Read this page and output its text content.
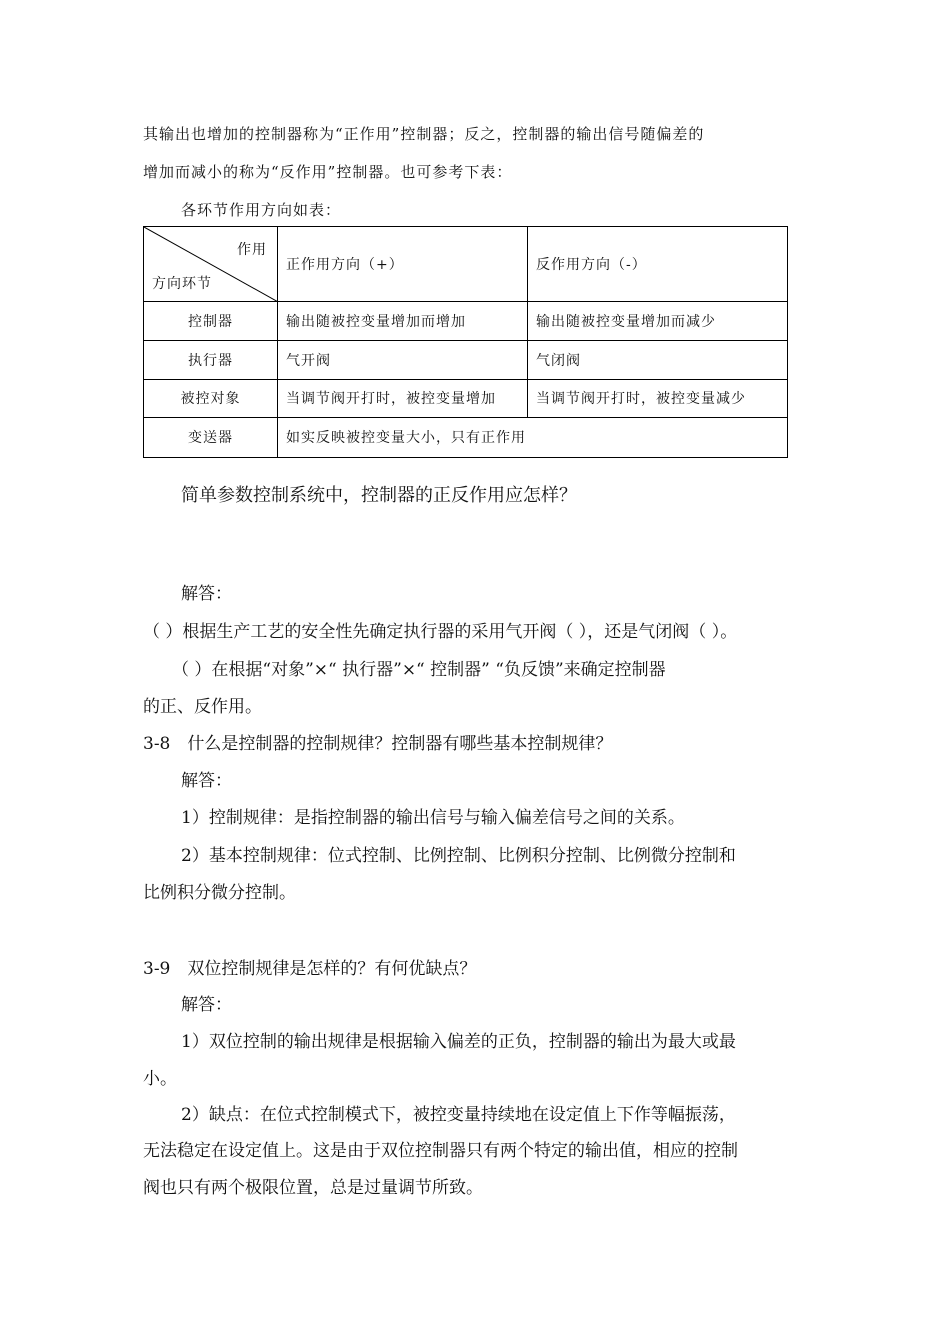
其输出也增加的控制器称为“正作用”控制器；反之，控制器的输出信号随偏差的
增加而减小的称为“反作用”控制器。也可参考下表：
各环节作用方向如表：
作用
方向环节	正作用方向（+）	反作用方向（-）
控制器	输出随被控变量增加而增加	输出随被控变量增加而减少
执行器	气开阀	气闭阀
被控对象	当调节阀开打时，被控变量增加	当调节阀开打时，被控变量减少
变送器	如实反映被控变量大小，只有正作用	
简单参数控制系统中，控制器的正反作用应怎样？
解答：
（ ）根据生产工艺的安全性先确定执行器的采用气开阀（ ），还是气闭阀（ ）。
（ ）在根据“对象”×“ 执行器”×“ 控制器” “负反馈”来确定控制器
的正、反作用。
3-8　什么是控制器的控制规律？控制器有哪些基本控制规律？
解答：
1）控制规律：是指控制器的输出信号与输入偏差信号之间的关系。
2）基本控制规律：位式控制、比例控制、比例积分控制、比例微分控制和
比例积分微分控制。
3-9　双位控制规律是怎样的？有何优缺点？
解答：
1）双位控制的输出规律是根据输入偏差的正负，控制器的输出为最大或最
小。
2）缺点：在位式控制模式下，被控变量持续地在设定值上下作等幅振荡，
无法稳定在设定值上。这是由于双位控制器只有两个特定的输出值，相应的控制
阀也只有两个极限位置，总是过量调节所致。
